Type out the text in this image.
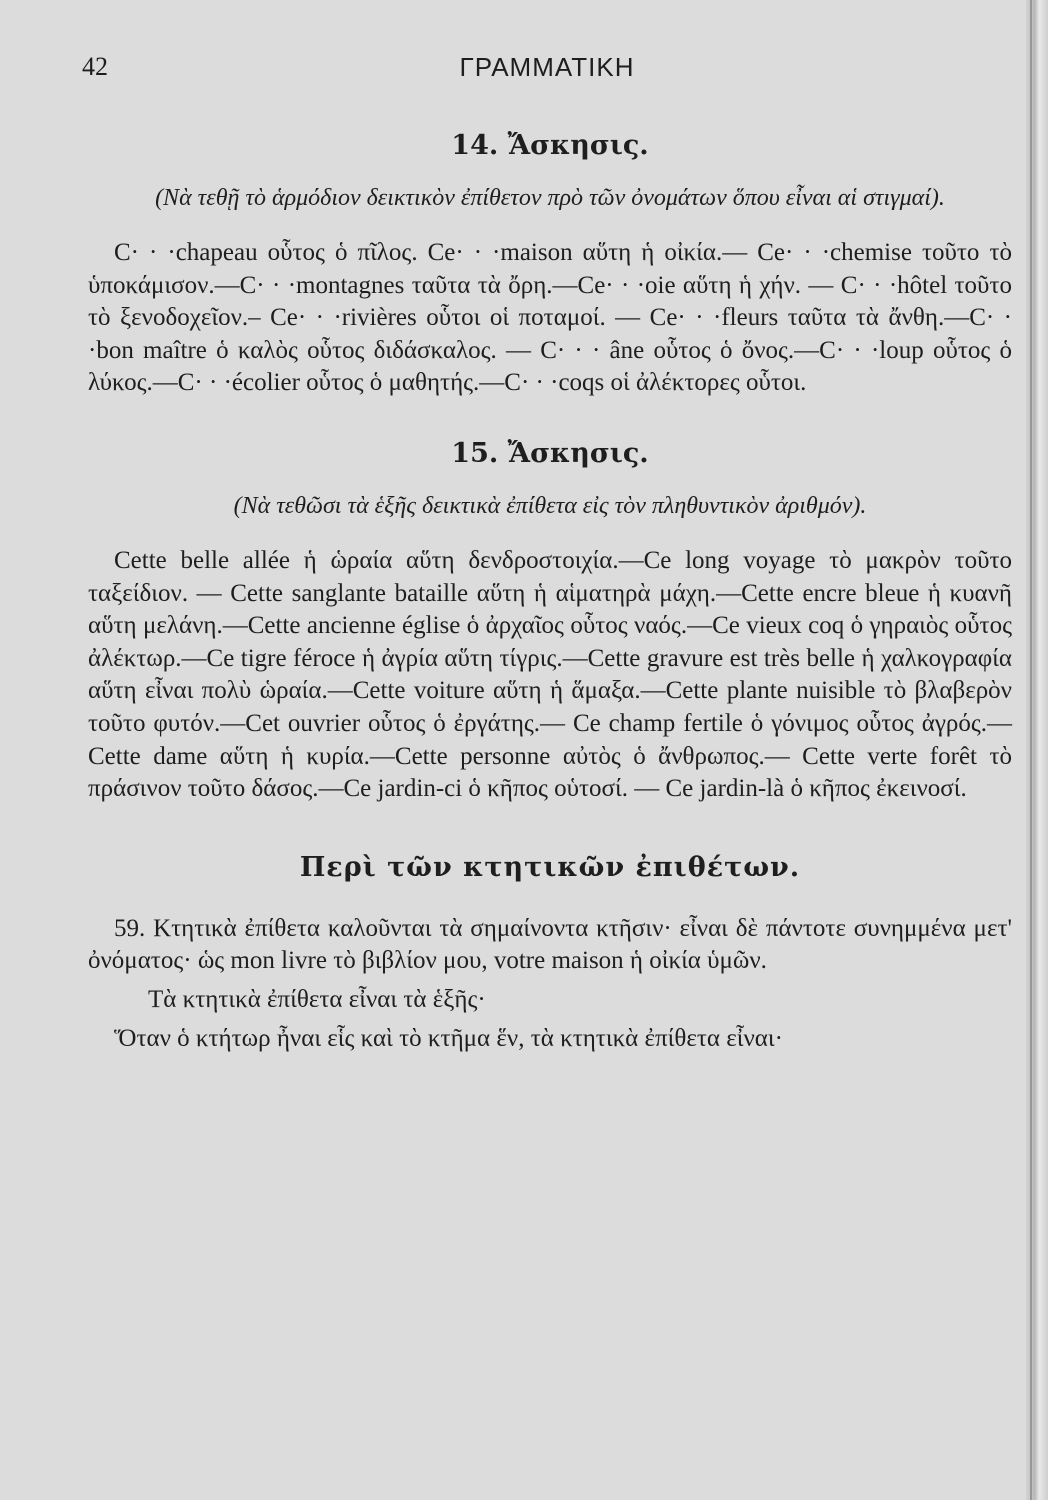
42	ΓΡΑΜΜΑΤΙΚΗ
14. Ἄσκησις.
(Νὰ τεθῇ τὸ ἁρμόδιον δεικτικὸν ἐπίθετον πρὸ τῶν ὀνομάτων ὅπου εἶναι αἱ στιγμαί).

C· · ·chapeau οὗτος ὁ πῖλος. Ce· · ·maison αὕτη ἡ οἰκία.— Ce· · ·chemise τοῦτο τὸ ὑποκάμισον.—C· · ·montagnes ταῦτα τὰ ὄρη.—Ce· · ·oie αὕτη ἡ χήν. — C· · ·hôtel τοῦτο τὸ ξενοδοχεῖον.– Ce· · ·rivières οὗτοι οἱ ποταμοί. — Ce· · ·fleurs ταῦτα τὰ ἄνθη.—C· · ·bon maître ὁ καλὸς οὗτος διδάσκαλος. — C· · · âne οὗτος ὁ ὄνος.—C· · ·loup οὗτος ὁ λύκος.—C· · ·écolier οὗτος ὁ μαθητής.—C· · ·coqs οἱ ἀλέκτορες οὗτοι.

15. Ἄσκησις.
(Νὰ τεθῶσι τὰ ἑξῆς δεικτικὰ ἐπίθετα εἰς τὸν πληθυντικὸν ἀριθμόν).

Cette belle allée ἡ ὡραία αὕτη δενδροστοιχία.—Ce long voyage τὸ μακρὸν τοῦτο ταξείδιον. — Cette sanglante bataille αὕτη ἡ αἱματηρὰ μάχη.—Cette encre bleue ἡ κυανῆ αὕτη μελάνη.—Cette ancienne église ὁ ἀρχαῖος οὗτος ναός.—Ce vieux coq ὁ γηραιὸς οὗτος ἀλέκτωρ.—Ce tigre féroce ἡ ἀγρία αὕτη τίγρις.—Cette gravure est très belle ἡ χαλκογραφία αὕτη εἶναι πολὺ ὡραία.—Cette voiture αὕτη ἡ ἅμαξα.—Cette plante nuisible τὸ βλαβερὸν τοῦτο φυτόν.—Cet ouvrier οὗτος ὁ ἐργάτης.— Ce champ fertile ὁ γόνιμος οὗτος ἀγρός.—Cette dame αὕτη ἡ κυρία.—Cette personne αὐτὸς ὁ ἄνθρωπος.— Cette verte forêt τὸ πράσινον τοῦτο δάσος.—Ce jardin-ci ὁ κῆπος οὑτοσί. — Ce jardin-là ὁ κῆπος ἐκεινοσί.

Περὶ τῶν κτητικῶν ἐπιθέτων.

59. Κτητικὰ ἐπίθετα καλοῦνται τὰ σημαίνοντα κτῆσιν· εἶναι δὲ πάντοτε συνημμένα μετ' ὀνόματος· ὡς mon livre τὸ βιβλίον μου, votre maison ἡ οἰκία ὑμῶν.

Τὰ κτητικὰ ἐπίθετα εἶναι τὰ ἑξῆς·

Ὅταν ὁ κτήτωρ ἦναι εἷς καὶ τὸ κτῆμα ἕν, τὰ κτητικὰ ἐπίθετα εἶναι·
